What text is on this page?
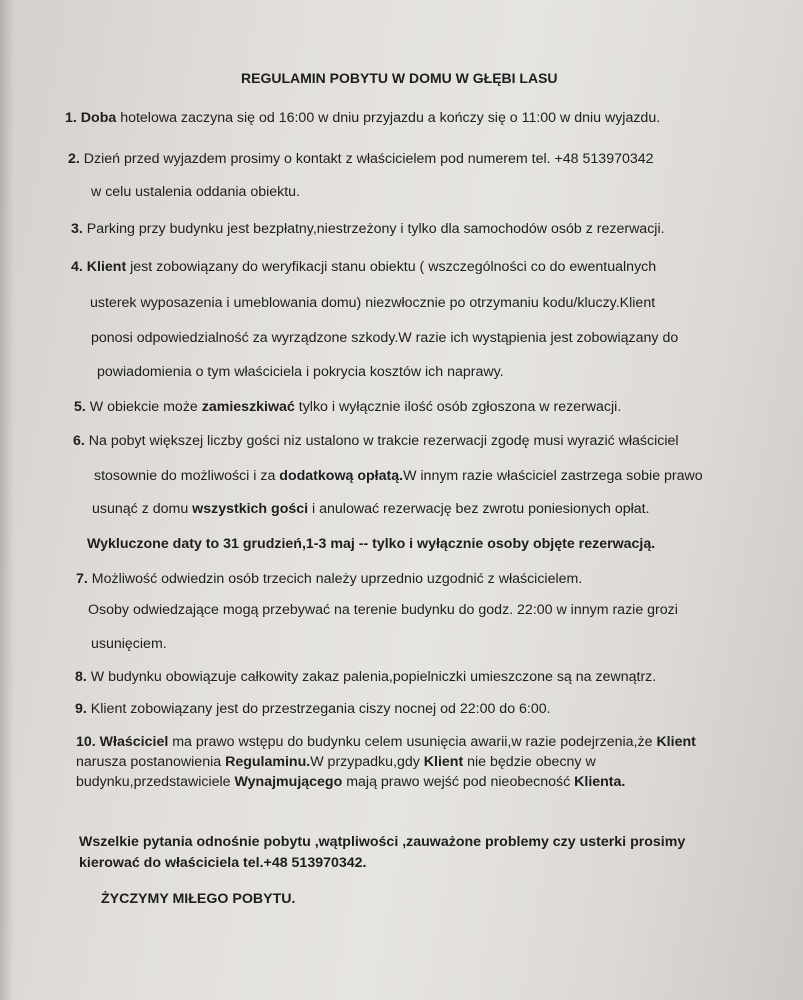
REGULAMIN POBYTU W DOMU W GŁĘBI LASU

1. Doba hotelowa zaczyna się od 16:00 w dniu przyjazdu a kończy się o 11:00 w dniu wyjazdu.

2. Dzień przed wyjazdem prosimy o kontakt z właścicielem pod numerem tel. +48 513970342

w celu ustalenia oddania obiektu.

3. Parking przy budynku jest bezpłatny,niestrzeżony i tylko dla samochodów osób z rezerwacji.

4. Klient jest zobowiązany do weryfikacji stanu obiektu ( wszczególności co do ewentualnych

usterek wyposazenia i umeblowania domu) niezwłocznie po otrzymaniu kodu/kluczy.Klient

ponosi odpowiedzialność za wyrządzone szkody.W razie ich wystąpienia jest zobowiązany do

powiadomienia o tym właściciela i pokrycia kosztów ich naprawy.

5. W obiekcie może zamieszkiwać tylko i wyłącznie ilość osób zgłoszona w rezerwacji.

6. Na pobyt większej liczby gości niz ustalono w trakcie rezerwacji zgodę musi wyrazić właściciel

stosownie do możliwości i za dodatkową opłatą.W innym razie właściciel zastrzega sobie prawo

usunąć z domu wszystkich gości i anulować rezerwację bez zwrotu poniesionych opłat.

Wykluczone daty to 31 grudzień,1-3 maj -- tylko i wyłącznie osoby objęte rezerwacją.

7. Możliwość odwiedzin osób trzecich należy uprzednio uzgodnić z właścicielem.

Osoby odwiedzające mogą przebywać na terenie budynku do godz. 22:00 w innym razie grozi

usunięciem.

8. W budynku obowiązuje całkowity zakaz palenia,popielniczki umieszczone są na zewnątrz.

9. Klient zobowiązany jest do przestrzegania ciszy nocnej od 22:00 do 6:00.

10. Właściciel ma prawo wstępu do budynku celem usunięcia awarii,w razie podejrzenia,że Klient

narusza postanowienia Regulaminu.W przypadku,gdy Klient nie będzie obecny w

budynku,przedstawiciele Wynajmującego mają prawo wejść pod nieobecność Klienta.

Wszelkie pytania odnośnie pobytu ,wątpliwości ,zauważone problemy czy usterki prosimy

kierować do właściciela tel.+48 513970342.

ŻYCZYMY MIŁEGO POBYTU.
